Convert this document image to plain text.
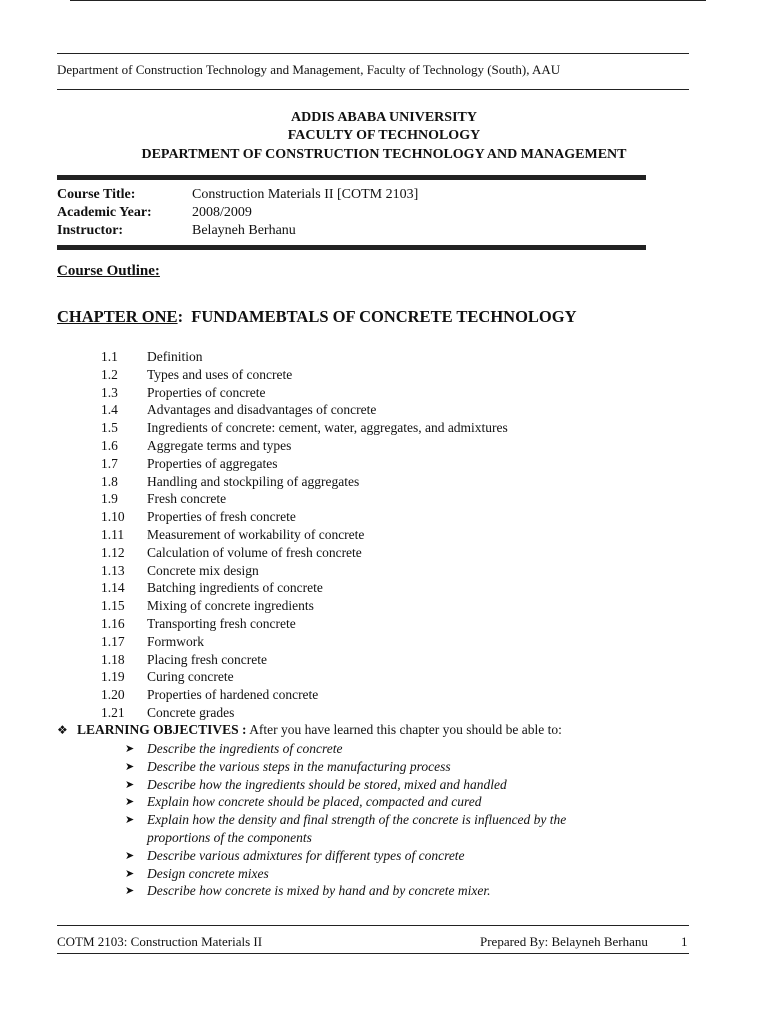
Department of Construction Technology and Management, Faculty of Technology (South), AAU
ADDIS ABABA UNIVERSITY
FACULTY OF TECHNOLOGY
DEPARTMENT OF CONSTRUCTION TECHNOLOGY AND MANAGEMENT
Course Title:	Construction Materials II [COTM 2103]
Academic Year:	2008/2009
Instructor:	Belayneh Berhanu
Course Outline:
CHAPTER ONE:  FUNDAMEBTALS OF CONCRETE TECHNOLOGY
1.1 Definition
1.2 Types and uses of concrete
1.3 Properties of concrete
1.4 Advantages and disadvantages of concrete
1.5 Ingredients of concrete: cement, water, aggregates, and admixtures
1.6 Aggregate terms and types
1.7 Properties of aggregates
1.8 Handling and stockpiling of aggregates
1.9 Fresh concrete
1.10 Properties of fresh concrete
1.11 Measurement of workability of concrete
1.12 Calculation of volume of fresh concrete
1.13 Concrete mix design
1.14 Batching ingredients of concrete
1.15 Mixing of concrete ingredients
1.16 Transporting fresh concrete
1.17 Formwork
1.18 Placing fresh concrete
1.19 Curing concrete
1.20 Properties of hardened concrete
1.21 Concrete grades
❖ LEARNING OBJECTIVES : After you have learned this chapter you should be able to:
➤ Describe the ingredients of concrete
➤ Describe the various steps in the manufacturing process
➤ Describe how the ingredients should be stored, mixed and handled
➤ Explain how concrete should be placed, compacted and cured
➤ Explain how the density and final strength of the concrete is influenced by the proportions of the components
➤ Describe various admixtures for different types of concrete
➤ Design concrete mixes
➤ Describe how concrete is mixed by hand and by concrete mixer.
COTM 2103: Construction Materials II	Prepared By: Belayneh Berhanu	1
